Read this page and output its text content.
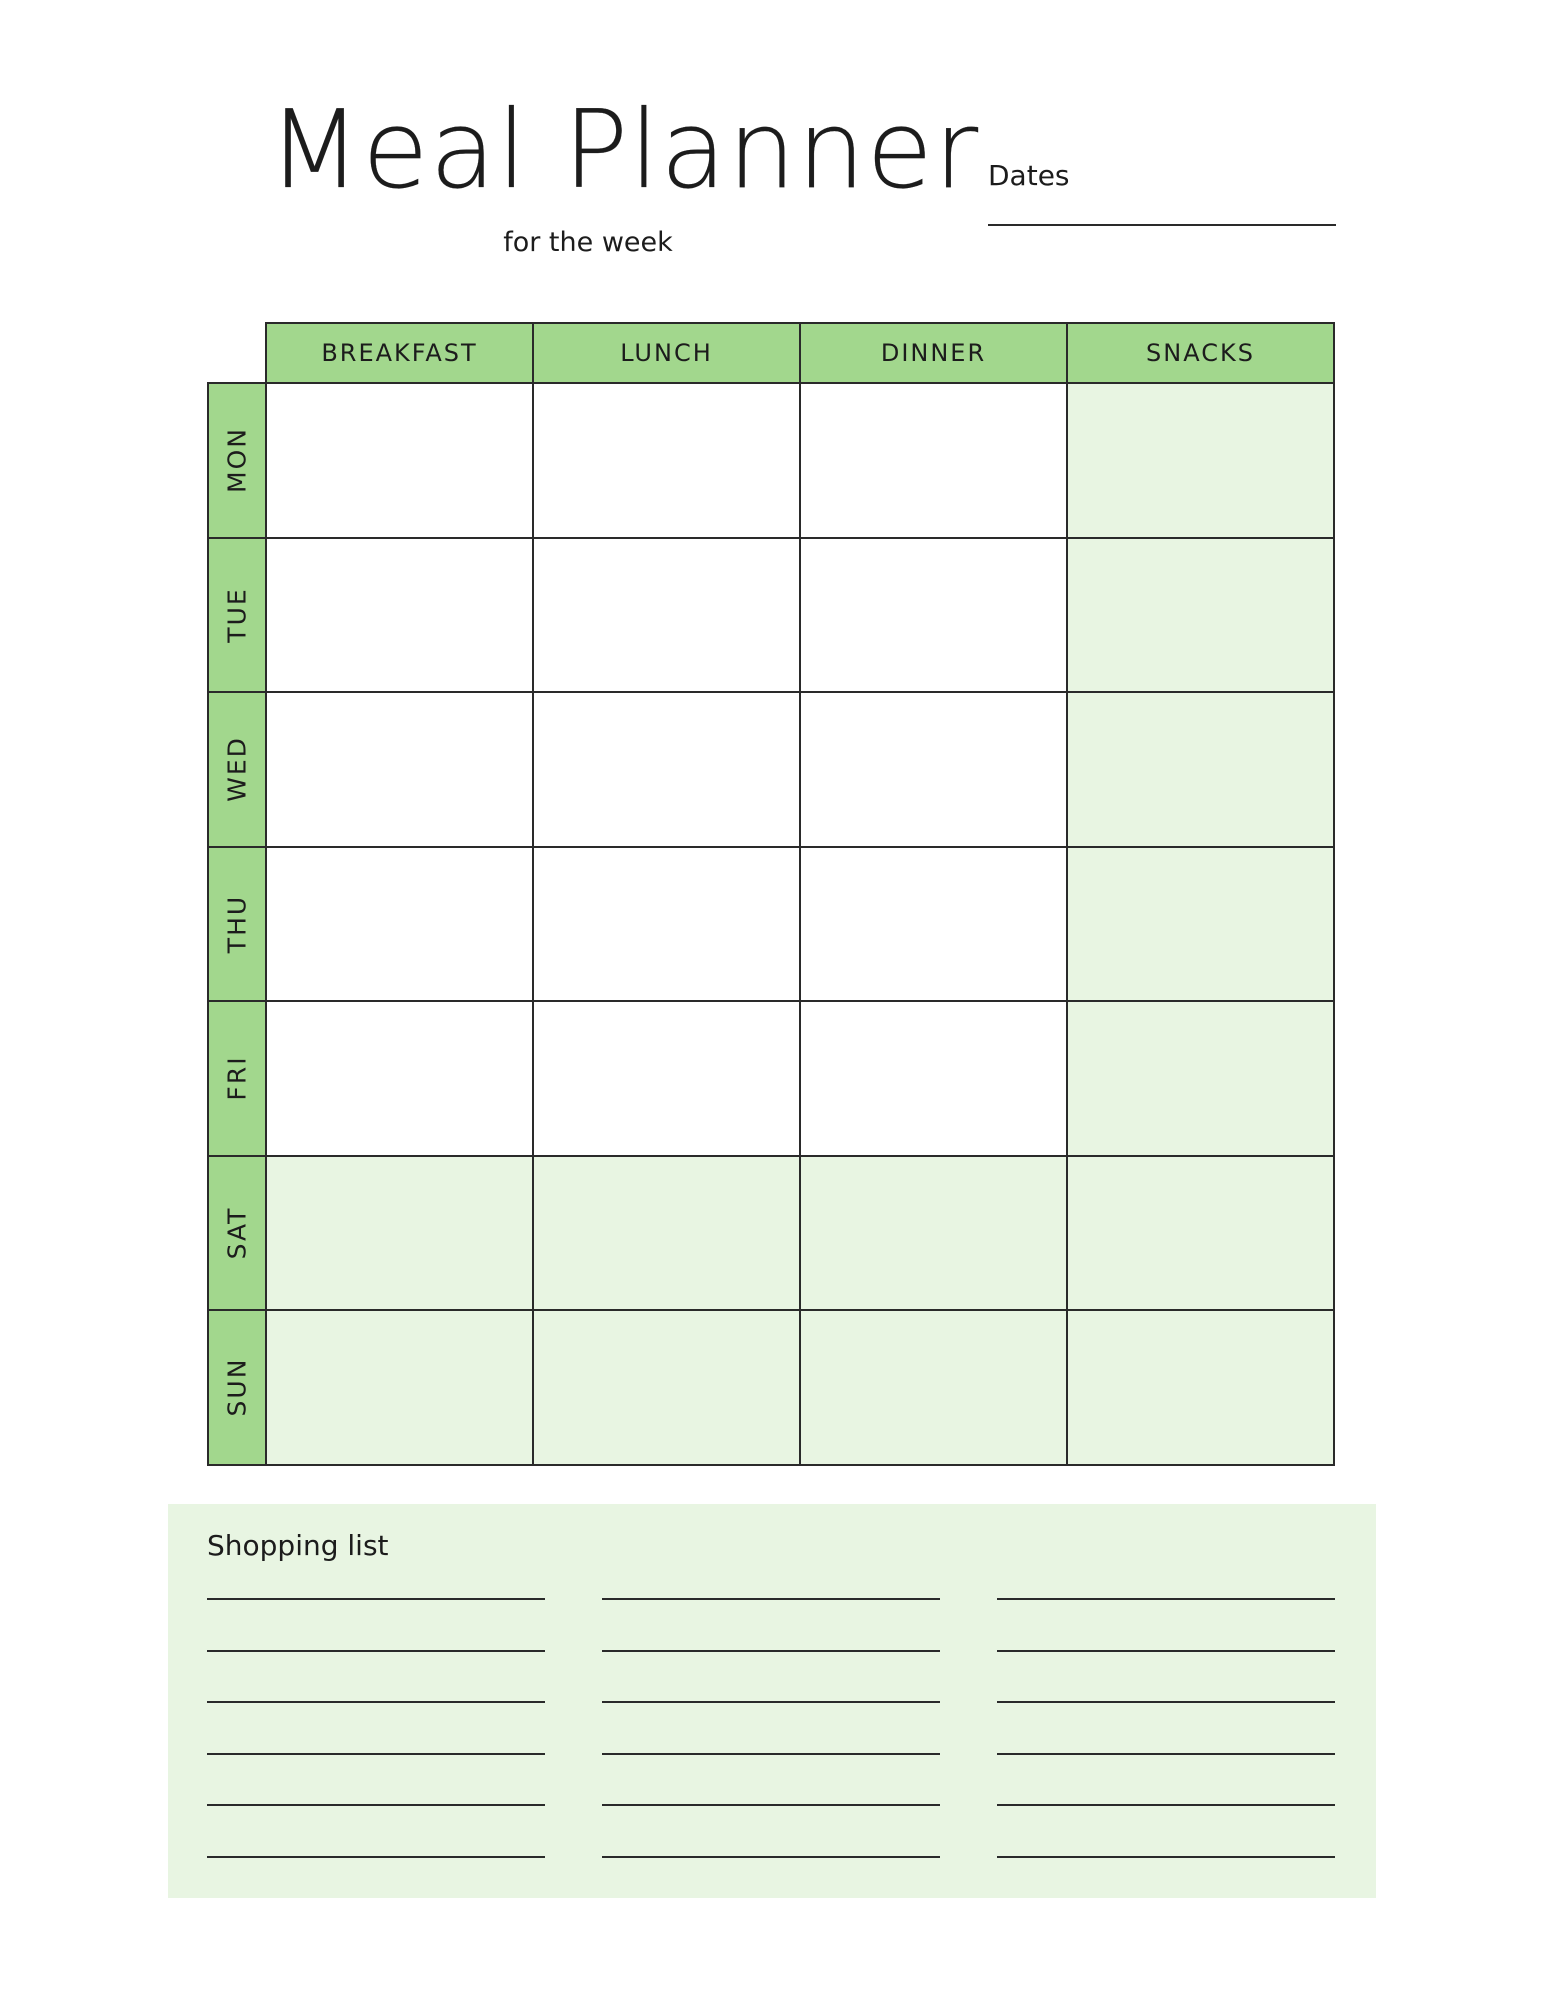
Meal Planner
for the week
Dates
BREAKFAST	LUNCH	DINNER	SNACKS
MON
TUE
WED
THU
FRI
SAT
SUN
Shopping list
